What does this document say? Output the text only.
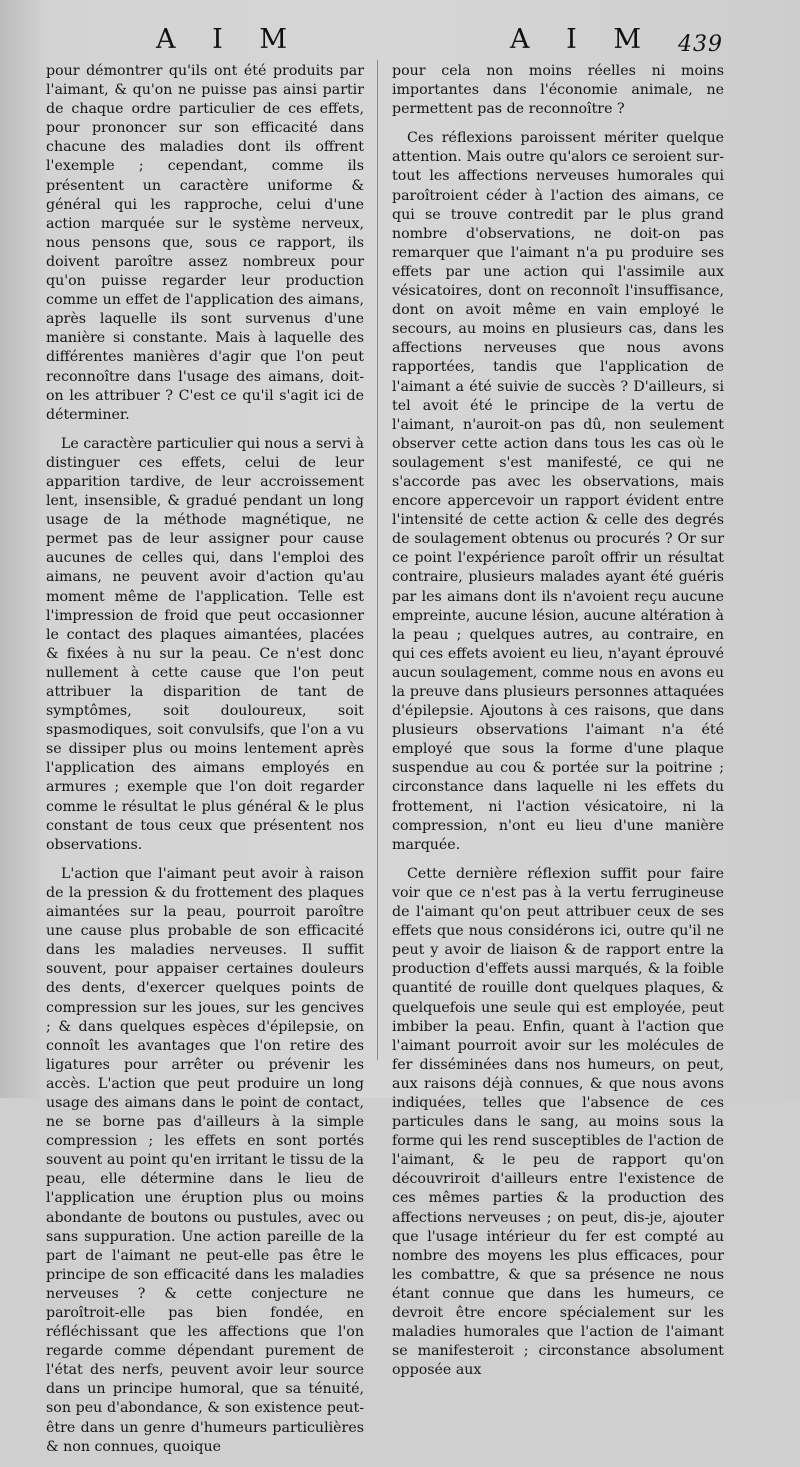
A I M	A I M 439

pour démontrer qu'ils ont été produits par l'aimant, & qu'on ne puisse pas ainsi partir de chaque ordre particulier de ces effets, pour prononcer sur son efficacité dans chacune des maladies dont ils offrent l'exemple ; cependant, comme ils présentent un caractère uniforme & général qui les rapproche, celui d'une action marquée sur le système nerveux, nous pensons que, sous ce rapport, ils doivent paroître assez nombreux pour qu'on puisse regarder leur production comme un effet de l'application des aimans, après laquelle ils sont survenus d'une manière si constante. Mais à laquelle des différentes manières d'agir que l'on peut reconnoître dans l'usage des aimans, doit-on les attribuer ? C'est ce qu'il s'agit ici de déterminer.

Le caractère particulier qui nous a servi à distinguer ces effets, celui de leur apparition tardive, de leur accroissement lent, insensible, & gradué pendant un long usage de la méthode magnétique, ne permet pas de leur assigner pour cause aucunes de celles qui, dans l'emploi des aimans, ne peuvent avoir d'action qu'au moment même de l'application. Telle est l'impression de froid que peut occasionner le contact des plaques aimantées, placées & fixées à nu sur la peau. Ce n'est donc nullement à cette cause que l'on peut attribuer la disparition de tant de symptômes, soit douloureux, soit spasmodiques, soit convulsifs, que l'on a vu se dissiper plus ou moins lentement après l'application des aimans employés en armures ; exemple que l'on doit regarder comme le résultat le plus général & le plus constant de tous ceux que présentent nos observations.

L'action que l'aimant peut avoir à raison de la pression & du frottement des plaques aimantées sur la peau, pourroit paroître une cause plus probable de son efficacité dans les maladies nerveuses. Il suffit souvent, pour appaiser certaines douleurs des dents, d'exercer quelques points de compression sur les joues, sur les gencives ; & dans quelques espèces d'épilepsie, on connoît les avantages que l'on retire des ligatures pour arrêter ou prévenir les accès. L'action que peut produire un long usage des aimans dans le point de contact, ne se borne pas d'ailleurs à la simple compression ; les effets en sont portés souvent au point qu'en irritant le tissu de la peau, elle détermine dans le lieu de l'application une éruption plus ou moins abondante de boutons ou pustules, avec ou sans suppuration. Une action pareille de la part de l'aimant ne peut-elle pas être le principe de son efficacité dans les maladies nerveuses ? & cette conjecture ne paroîtroit-elle pas bien fondée, en réfléchissant que les affections que l'on regarde comme dépendant purement de l'état des nerfs, peuvent avoir leur source dans un principe humoral, que sa ténuité, son peu d'abondance, & son existence peut-être dans un genre d'humeurs particulières & non connues, quoique

pour cela non moins réelles ni moins importantes dans l'économie animale, ne permettent pas de reconnoître ?

Ces réflexions paroissent mériter quelque attention. Mais outre qu'alors ce seroient sur-tout les affections nerveuses humorales qui paroîtroient céder à l'action des aimans, ce qui se trouve contredit par le plus grand nombre d'observations, ne doit-on pas remarquer que l'aimant n'a pu produire ses effets par une action qui l'assimile aux vésicatoires, dont on reconnoît l'insuffisance, dont on avoit même en vain employé le secours, au moins en plusieurs cas, dans les affections nerveuses que nous avons rapportées, tandis que l'application de l'aimant a été suivie de succès ? D'ailleurs, si tel avoit été le principe de la vertu de l'aimant, n'auroit-on pas dû, non seulement observer cette action dans tous les cas où le soulagement s'est manifesté, ce qui ne s'accorde pas avec les observations, mais encore appercevoir un rapport évident entre l'intensité de cette action & celle des degrés de soulagement obtenus ou procurés ? Or sur ce point l'expérience paroît offrir un résultat contraire, plusieurs malades ayant été guéris par les aimans dont ils n'avoient reçu aucune empreinte, aucune lésion, aucune altération à la peau ; quelques autres, au contraire, en qui ces effets avoient eu lieu, n'ayant éprouvé aucun soulagement, comme nous en avons eu la preuve dans plusieurs personnes attaquées d'épilepsie. Ajoutons à ces raisons, que dans plusieurs observations l'aimant n'a été employé que sous la forme d'une plaque suspendue au cou & portée sur la poitrine ; circonstance dans laquelle ni les effets du frottement, ni l'action vésicatoire, ni la compression, n'ont eu lieu d'une manière marquée.

Cette dernière réflexion suffit pour faire voir que ce n'est pas à la vertu ferrugineuse de l'aimant qu'on peut attribuer ceux de ses effets que nous considérons ici, outre qu'il ne peut y avoir de liaison & de rapport entre la production d'effets aussi marqués, & la foible quantité de rouille dont quelques plaques, & quelquefois une seule qui est employée, peut imbiber la peau. Enfin, quant à l'action que l'aimant pourroit avoir sur les molécules de fer disséminées dans nos humeurs, on peut, aux raisons déjà connues, & que nous avons indiquées, telles que l'absence de ces particules dans le sang, au moins sous la forme qui les rend susceptibles de l'action de l'aimant, & le peu de rapport qu'on découvriroit d'ailleurs entre l'existence de ces mêmes parties & la production des affections nerveuses ; on peut, dis-je, ajouter que l'usage intérieur du fer est compté au nombre des moyens les plus efficaces, pour les combattre, & que sa présence ne nous étant connue que dans les humeurs, ce devroit être encore spécialement sur les maladies humorales que l'action de l'aimant se manifesteroit ; circonstance absolument opposée aux
